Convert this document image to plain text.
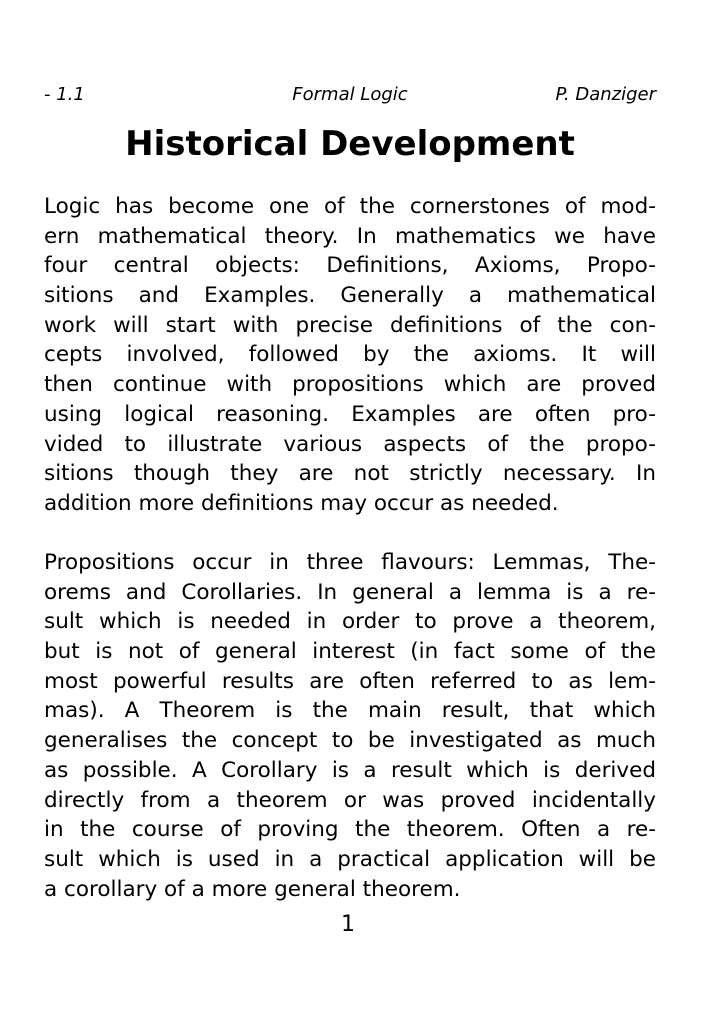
Formal Logic
- 1.1	P. Danziger
Historical Development
Logic has become one of the cornerstones of mod-
ern mathematical theory. In mathematics we have
four central objects: Definitions, Axioms, Propo-
sitions and Examples. Generally a mathematical
work will start with precise definitions of the con-
cepts involved, followed by the axioms. It will
then continue with propositions which are proved
using logical reasoning. Examples are often pro-
vided to illustrate various aspects of the propo-
sitions though they are not strictly necessary. In
addition more definitions may occur as needed.
Propositions occur in three flavours: Lemmas, The-
orems and Corollaries. In general a lemma is a re-
sult which is needed in order to prove a theorem,
but is not of general interest (in fact some of the
most powerful results are often referred to as lem-
mas). A Theorem is the main result, that which
generalises the concept to be investigated as much
as possible. A Corollary is a result which is derived
directly from a theorem or was proved incidentally
in the course of proving the theorem. Often a re-
sult which is used in a practical application will be
a corollary of a more general theorem.
1
